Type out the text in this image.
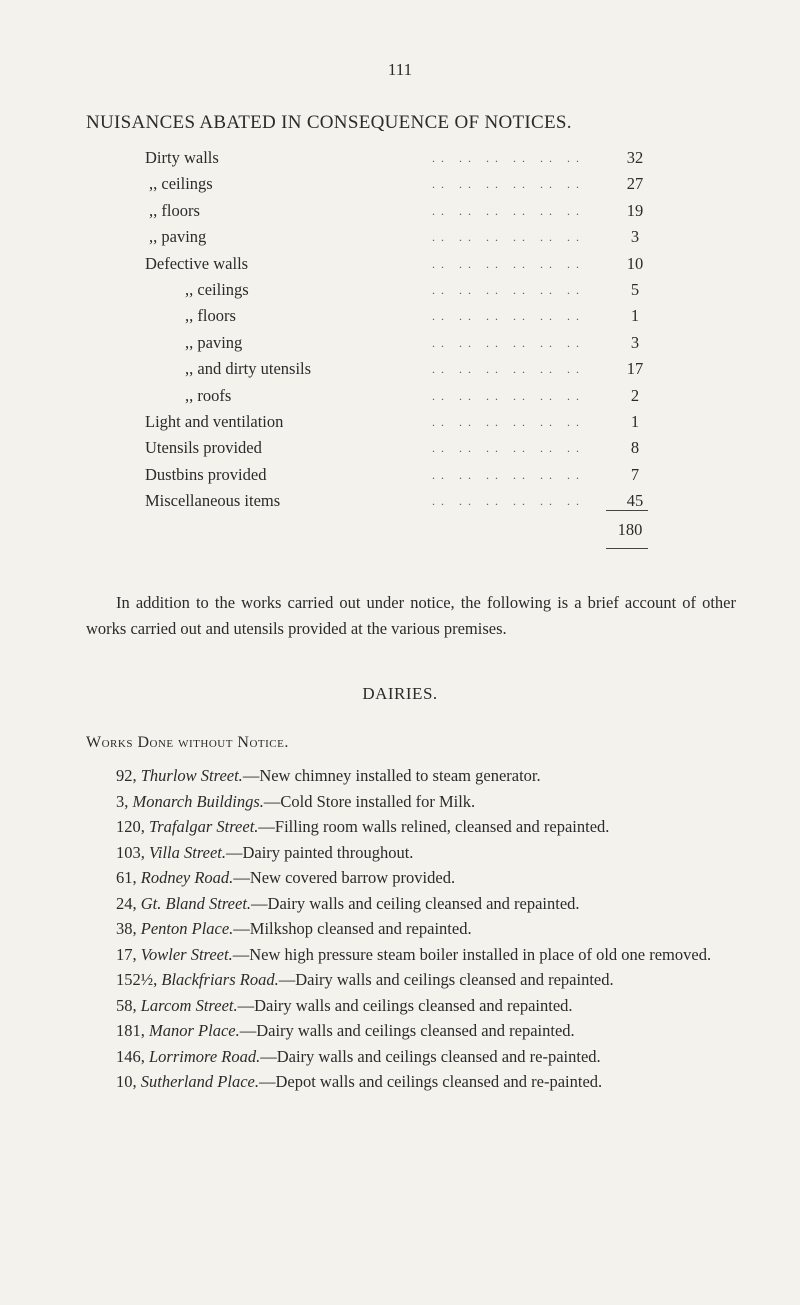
111
NUISANCES ABATED IN CONSEQUENCE OF NOTICES.
.. .. .. .. .. ..
Dirty walls	32
.. .. .. .. .. ..
,, ceilings	27
.. .. .. .. .. ..
,, floors	19
.. .. .. .. .. ..
,, paving	3
.. .. .. .. .. ..
Defective walls	10
.. .. .. .. .. ..
,, ceilings	5
.. .. .. .. .. ..
,, floors	1
.. .. .. .. .. ..
,, paving	3
.. .. .. .. .. ..
,, and dirty utensils	17
.. .. .. .. .. ..
,, roofs	2
.. .. .. .. .. ..
Light and ventilation	1
.. .. .. .. .. ..
Utensils provided	8
.. .. .. .. .. ..
Dustbins provided	7
.. .. .. .. .. ..
Miscellaneous items	45
180
In addition to the works carried out under notice, the following is a brief account of other works carried out and utensils provided at the various premises.
DAIRIES.
Works Done without Notice.
92, Thurlow Street.—New chimney installed to steam generator.
3, Monarch Buildings.—Cold Store installed for Milk.
120, Trafalgar Street.—Filling room walls relined, cleansed and repainted.
103, Villa Street.—Dairy painted throughout.
61, Rodney Road.—New covered barrow provided.
24, Gt. Bland Street.—Dairy walls and ceiling cleansed and repainted.
38, Penton Place.—Milkshop cleansed and repainted.
17, Vowler Street.—New high pressure steam boiler installed in place of old one removed.
152½, Blackfriars Road.—Dairy walls and ceilings cleansed and repainted.
58, Larcom Street.—Dairy walls and ceilings cleansed and repainted.
181, Manor Place.—Dairy walls and ceilings cleansed and repainted.
146, Lorrimore Road.—Dairy walls and ceilings cleansed and re-painted.
10, Sutherland Place.—Depot walls and ceilings cleansed and re-painted.
